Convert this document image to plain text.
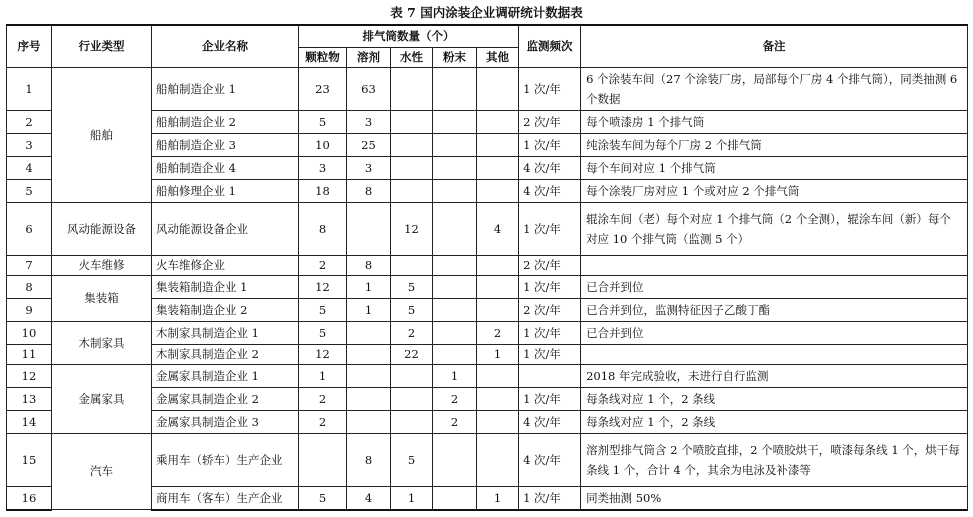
表 7 国内涂装企业调研统计数据表
序号	行业类型	企业名称	排气筒数量（个）					监测频次	备注
			颗粒物	溶剂	水性	粉末	其他		
1	船舶	船舶制造企业 1	23	63				1 次/年	6 个涂装车间（27 个涂装厂房，局部每个厂房 4 个排气筒），同类抽测 6 个数据
2		船舶制造企业 2	5	3				2 次/年	每个喷漆房 1 个排气筒
3		船舶制造企业 3	10	25				1 次/年	纯涂装车间为每个厂房 2 个排气筒
4		船舶制造企业 4	3	3				4 次/年	每个车间对应 1 个排气筒
5		船舶修理企业 1	18	8				4 次/年	每个涂装厂房对应 1 个或对应 2 个排气筒
6	风动能源设备	风动能源设备企业	8		12		4	1 次/年	辊涂车间（老）每个对应 1 个排气筒（2 个全测），辊涂车间（新）每个对应 10 个排气筒（监测 5 个）
7	火车维修	火车维修企业	2	8				2 次/年	
8	集装箱	集装箱制造企业 1	12	1	5			1 次/年	已合并到位
9		集装箱制造企业 2	5	1	5			2 次/年	已合并到位，监测特征因子乙酸丁酯
10	木制家具	木制家具制造企业 1	5		2		2	1 次/年	已合并到位
11		木制家具制造企业 2	12		22		1	1 次/年	
12	金属家具	金属家具制造企业 1	1			1			2018 年完成验收，未进行自行监测
13		金属家具制造企业 2	2			2		1 次/年	每条线对应 1 个，2 条线
14		金属家具制造企业 3	2			2		4 次/年	每条线对应 1 个，2 条线
15	汽车	乘用车（轿车）生产企业		8	5			4 次/年	溶剂型排气筒含 2 个喷胶直排，2 个喷胶烘干，喷漆每条线 1 个，烘干每条线 1 个，合计 4 个，其余为电泳及补漆等
16		商用车（客车）生产企业	5	4	1		1	1 次/年	同类抽测 50%
